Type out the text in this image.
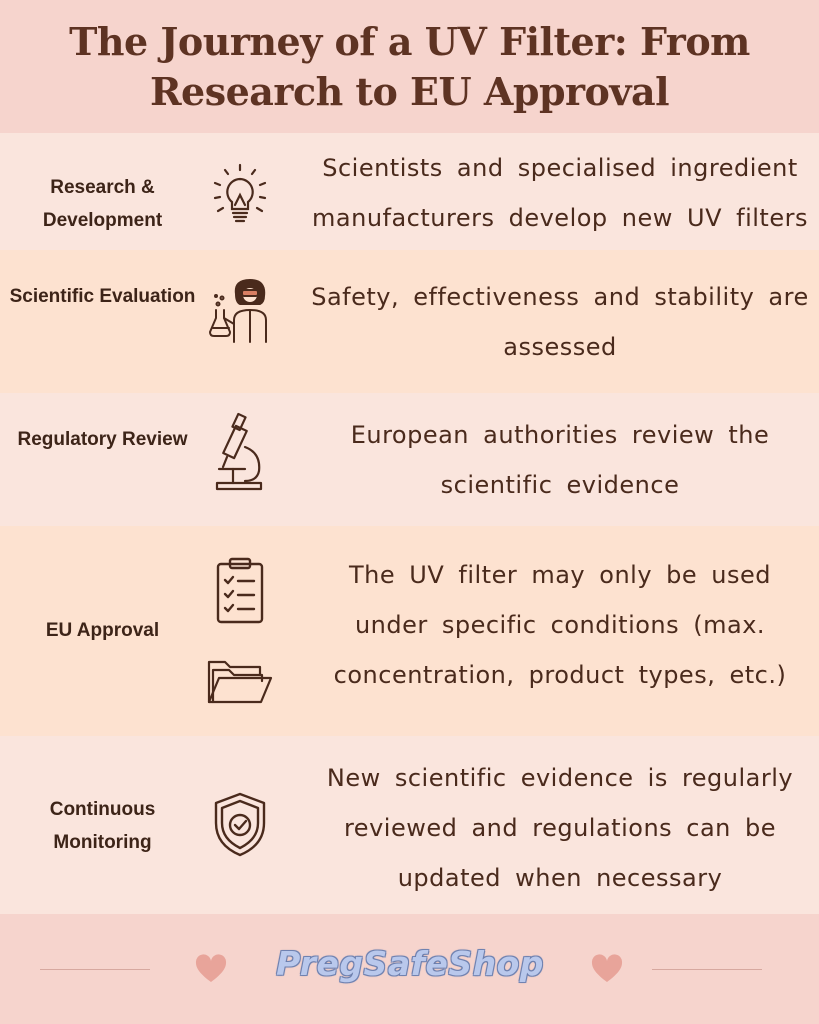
The Journey of a UV Filter: From Research to EU Approval
Research & Development
Scientists and specialised ingredient manufacturers develop new UV filters
Scientific Evaluation	Safety, effectiveness and stability are assessed
Regulatory Review	European authorities review the scientific evidence
EU Approval
The UV filter may only be used under specific conditions (max. concentration, product types, etc.)
Continuous Monitoring
New scientific evidence is regularly reviewed and regulations can be updated when necessary
PregSafeShop
